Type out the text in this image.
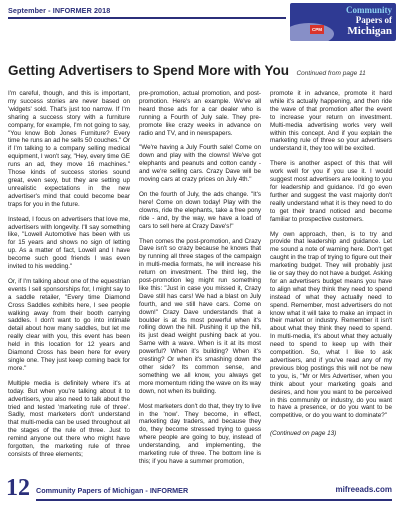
September - INFORMER 2018	Community
Papers of
Michigan
CPM
Getting Advertisers to Spend More with You Continued from page 11

I'm careful, though, and this is important, my success stories are never based on 'widgets' sold. That's just too narrow. If I'm sharing a success story with a furniture company, for example, I'm not going to say, "You know Bob Jones Furniture? Every time he runs an ad he sells 50 couches." Or if I'm talking to a company selling medical equipment, I won't say, "Hey, every time GE runs an ad, they move 16 machines." Those kinds of success stories sound great, even sexy, but they are setting up unrealistic expectations in the new advertiser's mind that could become bear traps for you in the future.

Instead, I focus on advertisers that love me, advertisers with longevity. I'll say something like, "Lowell Automotive has been with us for 15 years and shows no sign of letting up. As a matter of fact, Lowell and I have become such good friends I was even invited to his wedding."

Or, if I'm talking about one of the equestrian events I sell sponsorships for, I might say to a saddle retailer, "Every time Diamond Cross Saddles exhibits here, I see people walking away from their booth carrying saddles. I don't want to go into intimate detail about how many saddles, but let me really clear with you, this event has been held in this location for 12 years and Diamond Cross has been here for every single one. They just keep coming back for more."

Multiple media is definitely where it's at today. But when you're talking about it to advertisers, you also need to talk about the tried and tested 'marketing rule of three'. Sadly, most marketers don't understand that multi-media can be used throughout all the stages of the rule of three. Just to remind anyone out there who might have forgotten, the marketing rule of three consists of three elements;

pre-promotion, actual promotion, and post-promotion. Here's an example. We've all heard those ads for a car dealer who is running a Fourth of July sale. They pre-promote like crazy weeks in advance on radio and TV, and in newspapers.

"We're having a July Fourth sale! Come on down and play with the clowns! We've got elephants and peanuts and cotton candy - and we're selling cars. Crazy Dave will be moving cars at crazy prices on July 4th."

On the fourth of July, the ads change. "It's here! Come on down today! Play with the clowns, ride the elephants, take a free pony ride - and, by the way, we have a load of cars to sell here at Crazy Dave's!"

Then comes the post-promotion, and Crazy Dave isn't so crazy because he knows that by running all three stages of the campaign in multi-media formats, he will increase his return on investment. The third leg, the post-promotion leg might run something like this: "Just in case you missed it, Crazy Dave still has cars! We had a blast on July fourth, and we still have cars. Come on down!" Crazy Dave understands that a boulder is at its most powerful when it's rolling down the hill. Pushing it up the hill, its just dead weight pushing back at you. Same with a wave. When is it at its most powerful? When it's building? When it's cresting? Or when it's smashing down the other side? Its common sense, and something we all know, you always get more momentum riding the wave on its way down, not when its building.

Most marketers don't do that, they try to live in the 'now'. They become, in effect, marketing day traders, and because they do, they become stressed trying to guess where people are going to buy, instead of understanding, and implementing, the marketing rule of three. The bottom line is this; if you have a summer promotion,

promote it in advance, promote it hard while it's actually happening, and then ride the wave of that promotion after the event to increase your return on investment. Multi-media advertising works very well within this concept. And if you explain the marketing rule of three so your advertisers understand it, they too will be excited.

There is another aspect of this that will work well for you if you use it. I would suggest most advertisers are looking to you for leadership and guidance. I'd go even further and suggest the vast majority don't really understand what it is they need to do to get their brand noticed and become familiar to prospective customers.

My own approach, then, is to try and provide that leadership and guidance. Let me sound a note of warning here. Don't get caught in the trap of trying to figure out their marketing budget. They will probably just lie or say they do not have a budget. Asking for an advertisers budget means you have to align what they think they need to spend instead of what they actually need to spend. Remember, most advertisers do not know what it will take to make an impact in their market or industry. Remember it isn't about what they think they need to spend. In multi-media, it's about what they actually need to spend to keep up with their competition. So, what I like to ask advertisers, and if you've read any of my previous blog postings this will not be new to you, is, "Mr or Mrs Advertiser, when you think about your marketing goals and desires, and how you want to be perceived in this community or industry, do you want to have a presence, or do you want to be competitive, or do you want to dominate?"

(Continued on page 13)
12 Community Papers of Michigan - INFORMER	mifreeads.com
